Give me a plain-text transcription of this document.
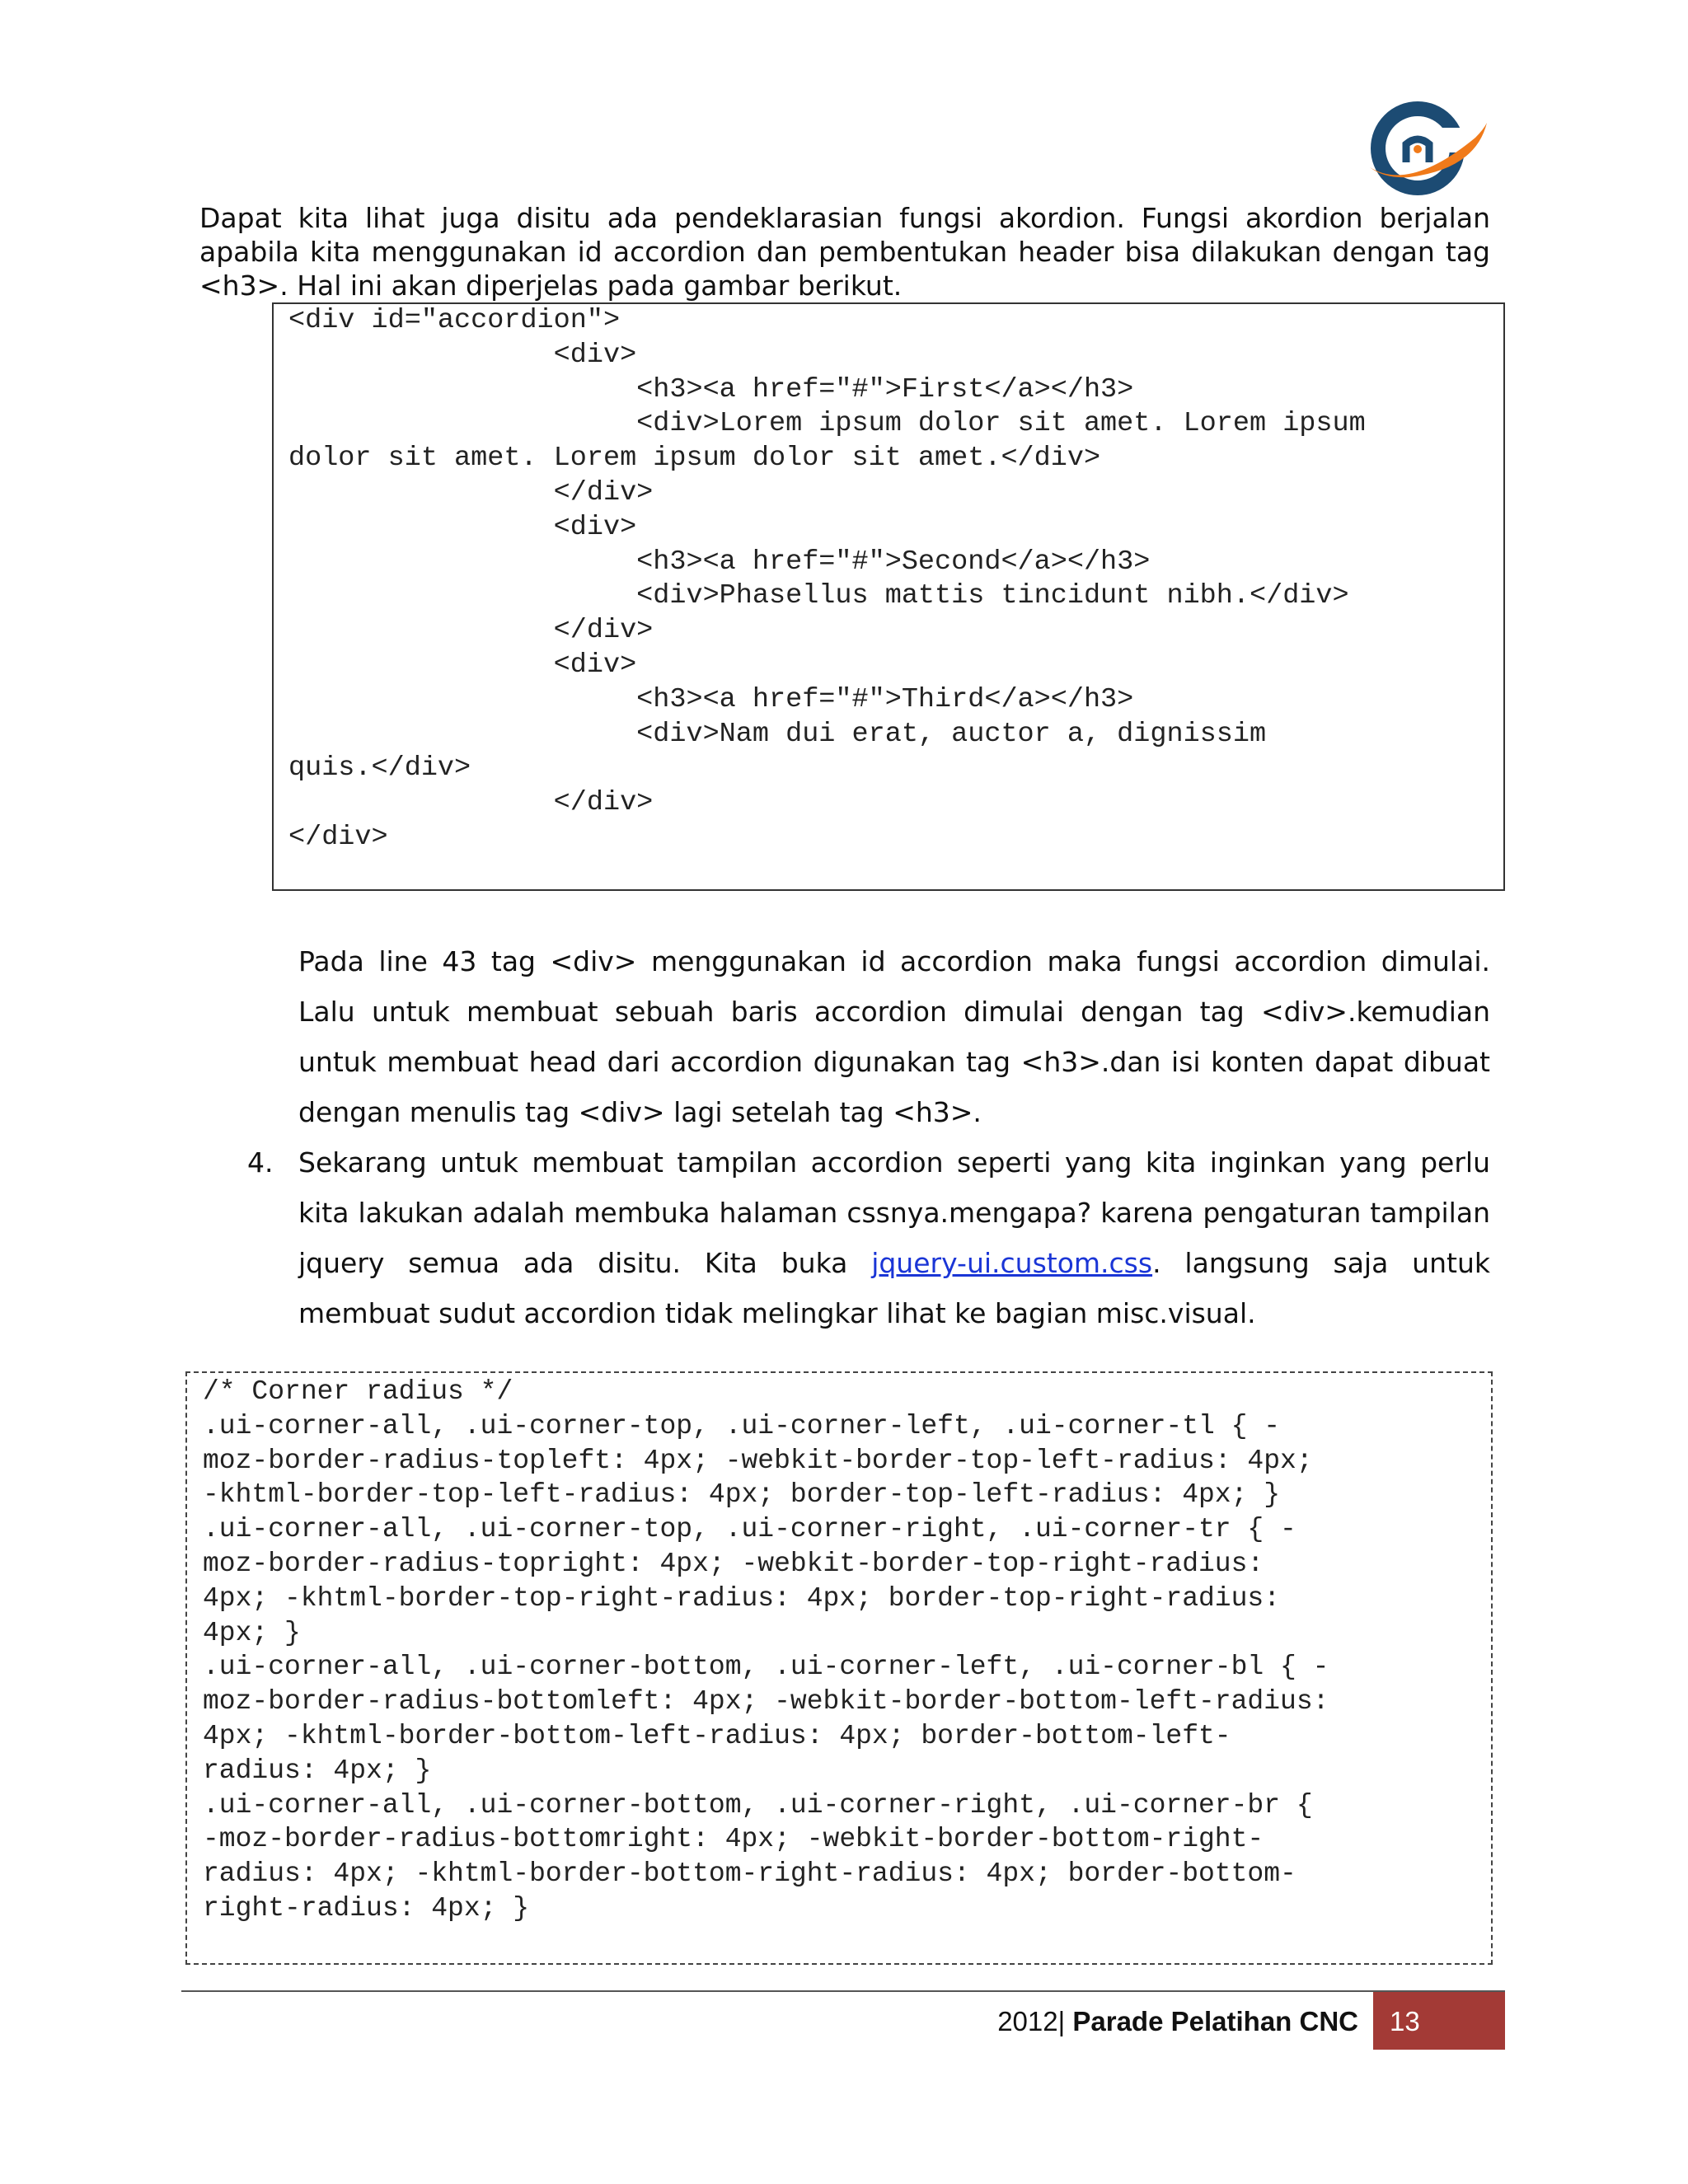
Dapat kita lihat juga disitu ada pendeklarasian fungsi akordion. Fungsi akordion berjalan apabila kita menggunakan id accordion dan pembentukan header bisa dilakukan dengan tag <h3>. Hal ini akan diperjelas pada gambar berikut.

<div id="accordion">
<div>
<h3><a href="#">First</a></h3>
<div>Lorem ipsum dolor sit amet. Lorem ipsum
dolor sit amet. Lorem ipsum dolor sit amet.</div>
</div>
<div>
<h3><a href="#">Second</a></h3>
<div>Phasellus mattis tincidunt nibh.</div>
</div>
<div>
<h3><a href="#">Third</a></h3>
<div>Nam dui erat, auctor a, dignissim
quis.</div>
</div>
</div>
Pada line 43 tag <div> menggunakan id accordion maka fungsi accordion dimulai. Lalu untuk membuat sebuah baris accordion dimulai dengan tag <div>.kemudian untuk membuat head dari accordion digunakan tag <h3>.dan isi konten dapat dibuat dengan menulis tag <div> lagi setelah tag <h3>.
4. Sekarang untuk membuat tampilan accordion seperti yang kita inginkan yang perlu kita lakukan adalah membuka halaman cssnya.mengapa? karena pengaturan tampilan jquery semua ada disitu. Kita buka jquery-ui.custom.css. langsung saja untuk membuat sudut accordion tidak melingkar lihat ke bagian misc.visual.
/* Corner radius */
.ui-corner-all, .ui-corner-top, .ui-corner-left, .ui-corner-tl { -
moz-border-radius-topleft: 4px; -webkit-border-top-left-radius: 4px;
-khtml-border-top-left-radius: 4px; border-top-left-radius: 4px; }
.ui-corner-all, .ui-corner-top, .ui-corner-right, .ui-corner-tr { -
moz-border-radius-topright: 4px; -webkit-border-top-right-radius:
4px; -khtml-border-top-right-radius: 4px; border-top-right-radius:
4px; }
.ui-corner-all, .ui-corner-bottom, .ui-corner-left, .ui-corner-bl { -
moz-border-radius-bottomleft: 4px; -webkit-border-bottom-left-radius:
4px; -khtml-border-bottom-left-radius: 4px; border-bottom-left-
radius: 4px; }
.ui-corner-all, .ui-corner-bottom, .ui-corner-right, .ui-corner-br {
-moz-border-radius-bottomright: 4px; -webkit-border-bottom-right-
radius: 4px; -khtml-border-bottom-right-radius: 4px; border-bottom-
right-radius: 4px; }
2012| Parade Pelatihan CNC 13
